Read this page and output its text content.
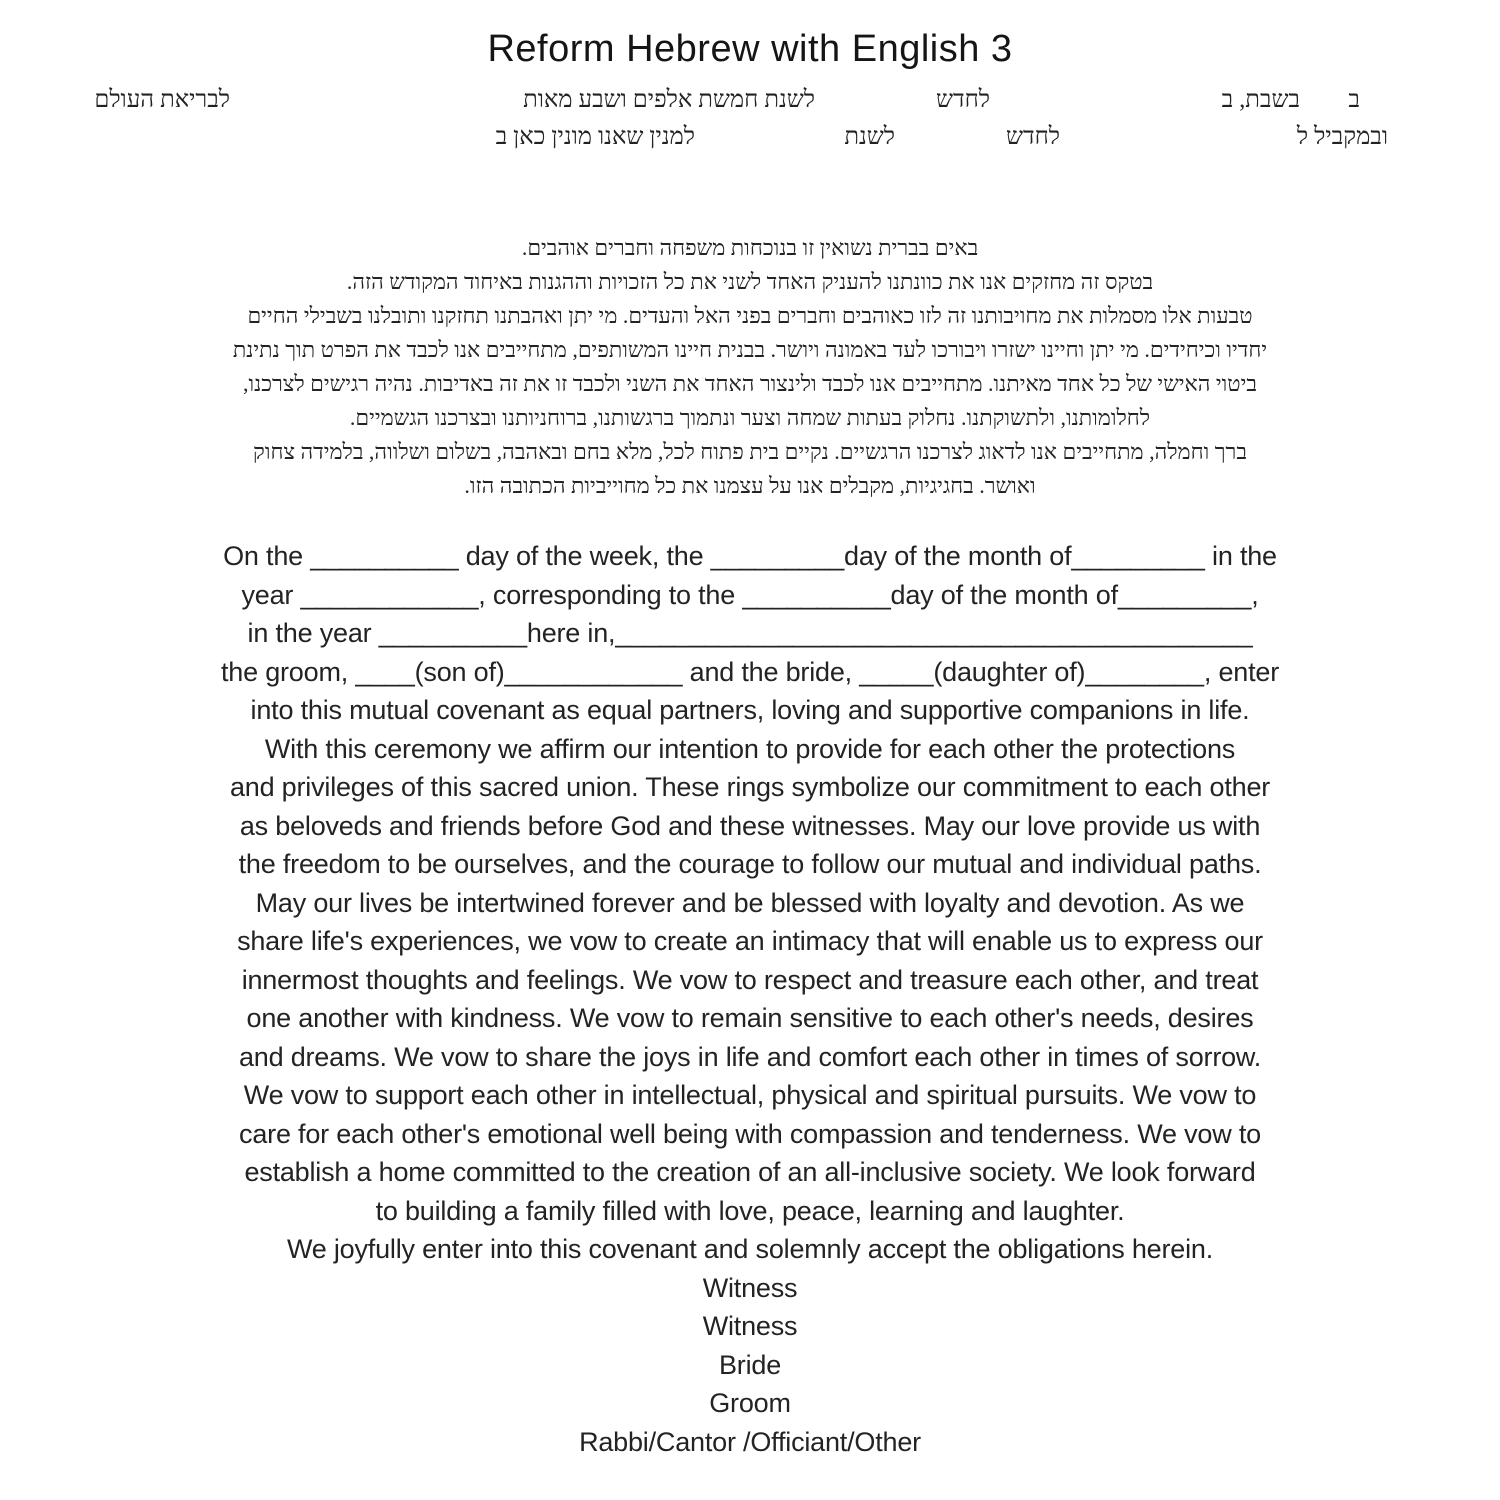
Reform Hebrew with English 3
ב
בשבת, ב
לחדש
לשנת חמשת אלפים ושבע מאות
לבריאת העולם
ובמקביל ל
לחדש
לשנת
למנין שאנו מונין כאן ב
באים בברית נשואין זו בנוכחות משפחה וחברים אוהבים.
בטקס זה מחזקים אנו את כוונתנו להעניק האחד לשני את כל הזכויות וההגנות באיחוד המקודש הזה.
טבעות אלו מסמלות את מחויבותנו זה לזו כאוהבים וחברים בפני האל והעדים. מי יתן ואהבתנו תחזקנו ותובלנו בשבילי החיים
יחדיו וכיחידים. מי יתן וחיינו ישזרו ויבורכו לעד באמונה ויושר. בבנית חיינו המשותפים, מתחייבים אנו לכבד את הפרט תוך נתינת
ביטוי האישי של כל אחד מאיתנו. מתחייבים אנו לכבד ולינצור האחד את השני ולכבד זו את זה באדיבות. נהיה רגישים לצרכנו,
לחלומותנו, ולתשוקתנו. נחלוק בעתות שמחה וצער ונתמוך ברגשותנו, ברוחניותנו ובצרכנו הגשמיים.
ברך וחמלה, מתחייבים אנו לדאוג לצרכנו הרגשיים. נקיים בית פתוח לכל, מלא בחם ובאהבה, בשלום ושלווה, בלמידה צחוק
ואושר. בחגיגיות, מקבלים אנו על עצמנו את כל מחוייביות הכתובה הזו.
On the __________ day of the week, the _________day of the month of_________ in the
year ____________, corresponding to the __________day of the month of_________,
in the year __________here in,___________________________________________
the groom, ____(son of)____________ and the bride, _____(daughter of)________, enter
into this mutual covenant as equal partners, loving and supportive companions in life.
With this ceremony we affirm our intention to provide for each other the protections
and privileges of this sacred union. These rings symbolize our commitment to each other
as beloveds and friends before God and these witnesses. May our love provide us with
the freedom to be ourselves, and the courage to follow our mutual and individual paths.
May our lives be intertwined forever and be blessed with loyalty and devotion. As we
share life's experiences, we vow to create an intimacy that will enable us to express our
innermost thoughts and feelings. We vow to respect and treasure each other, and treat
one another with kindness. We vow to remain sensitive to each other's needs, desires
and dreams. We vow to share the joys in life and comfort each other in times of sorrow.
We vow to support each other in intellectual, physical and spiritual pursuits. We vow to
care for each other's emotional well being with compassion and tenderness. We vow to
establish a home committed to the creation of an all-inclusive society. We look forward
to building a family filled with love, peace, learning and laughter.
We joyfully enter into this covenant and solemnly accept the obligations herein.
Witness
Witness
Bride
Groom
Rabbi/Cantor /Officiant/Other
